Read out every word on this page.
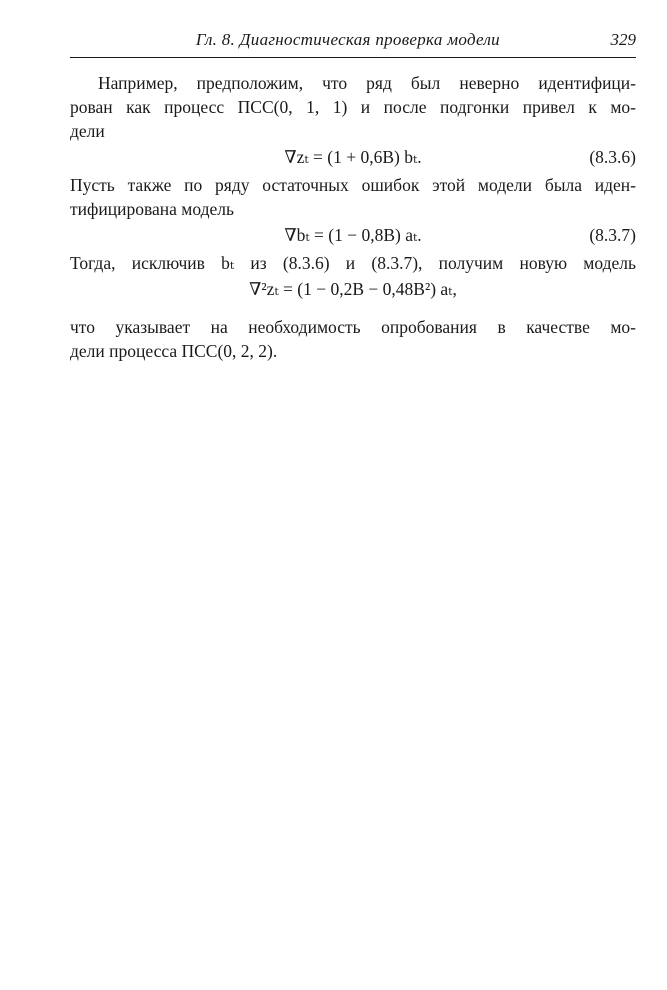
Гл. 8. Диагностическая проверка модели	329

Например, предположим, что ряд был неверно идентифици-
рован как процесс ПСС(0, 1, 1) и после подгонки привел к мо-
дели

∇zₜ = (1 + 0,6B) bₜ.	(8.3.6)

Пусть также по ряду остаточных ошибок этой модели была иден-
тифицирована модель

∇bₜ = (1 − 0,8B) aₜ.	(8.3.7)

Тогда, исключив bₜ из (8.3.6) и (8.3.7), получим новую модель

∇²zₜ = (1 − 0,2B − 0,48B²) aₜ,

что указывает на необходимость опробования в качестве мо-
дели процесса ПСС(0, 2, 2).
